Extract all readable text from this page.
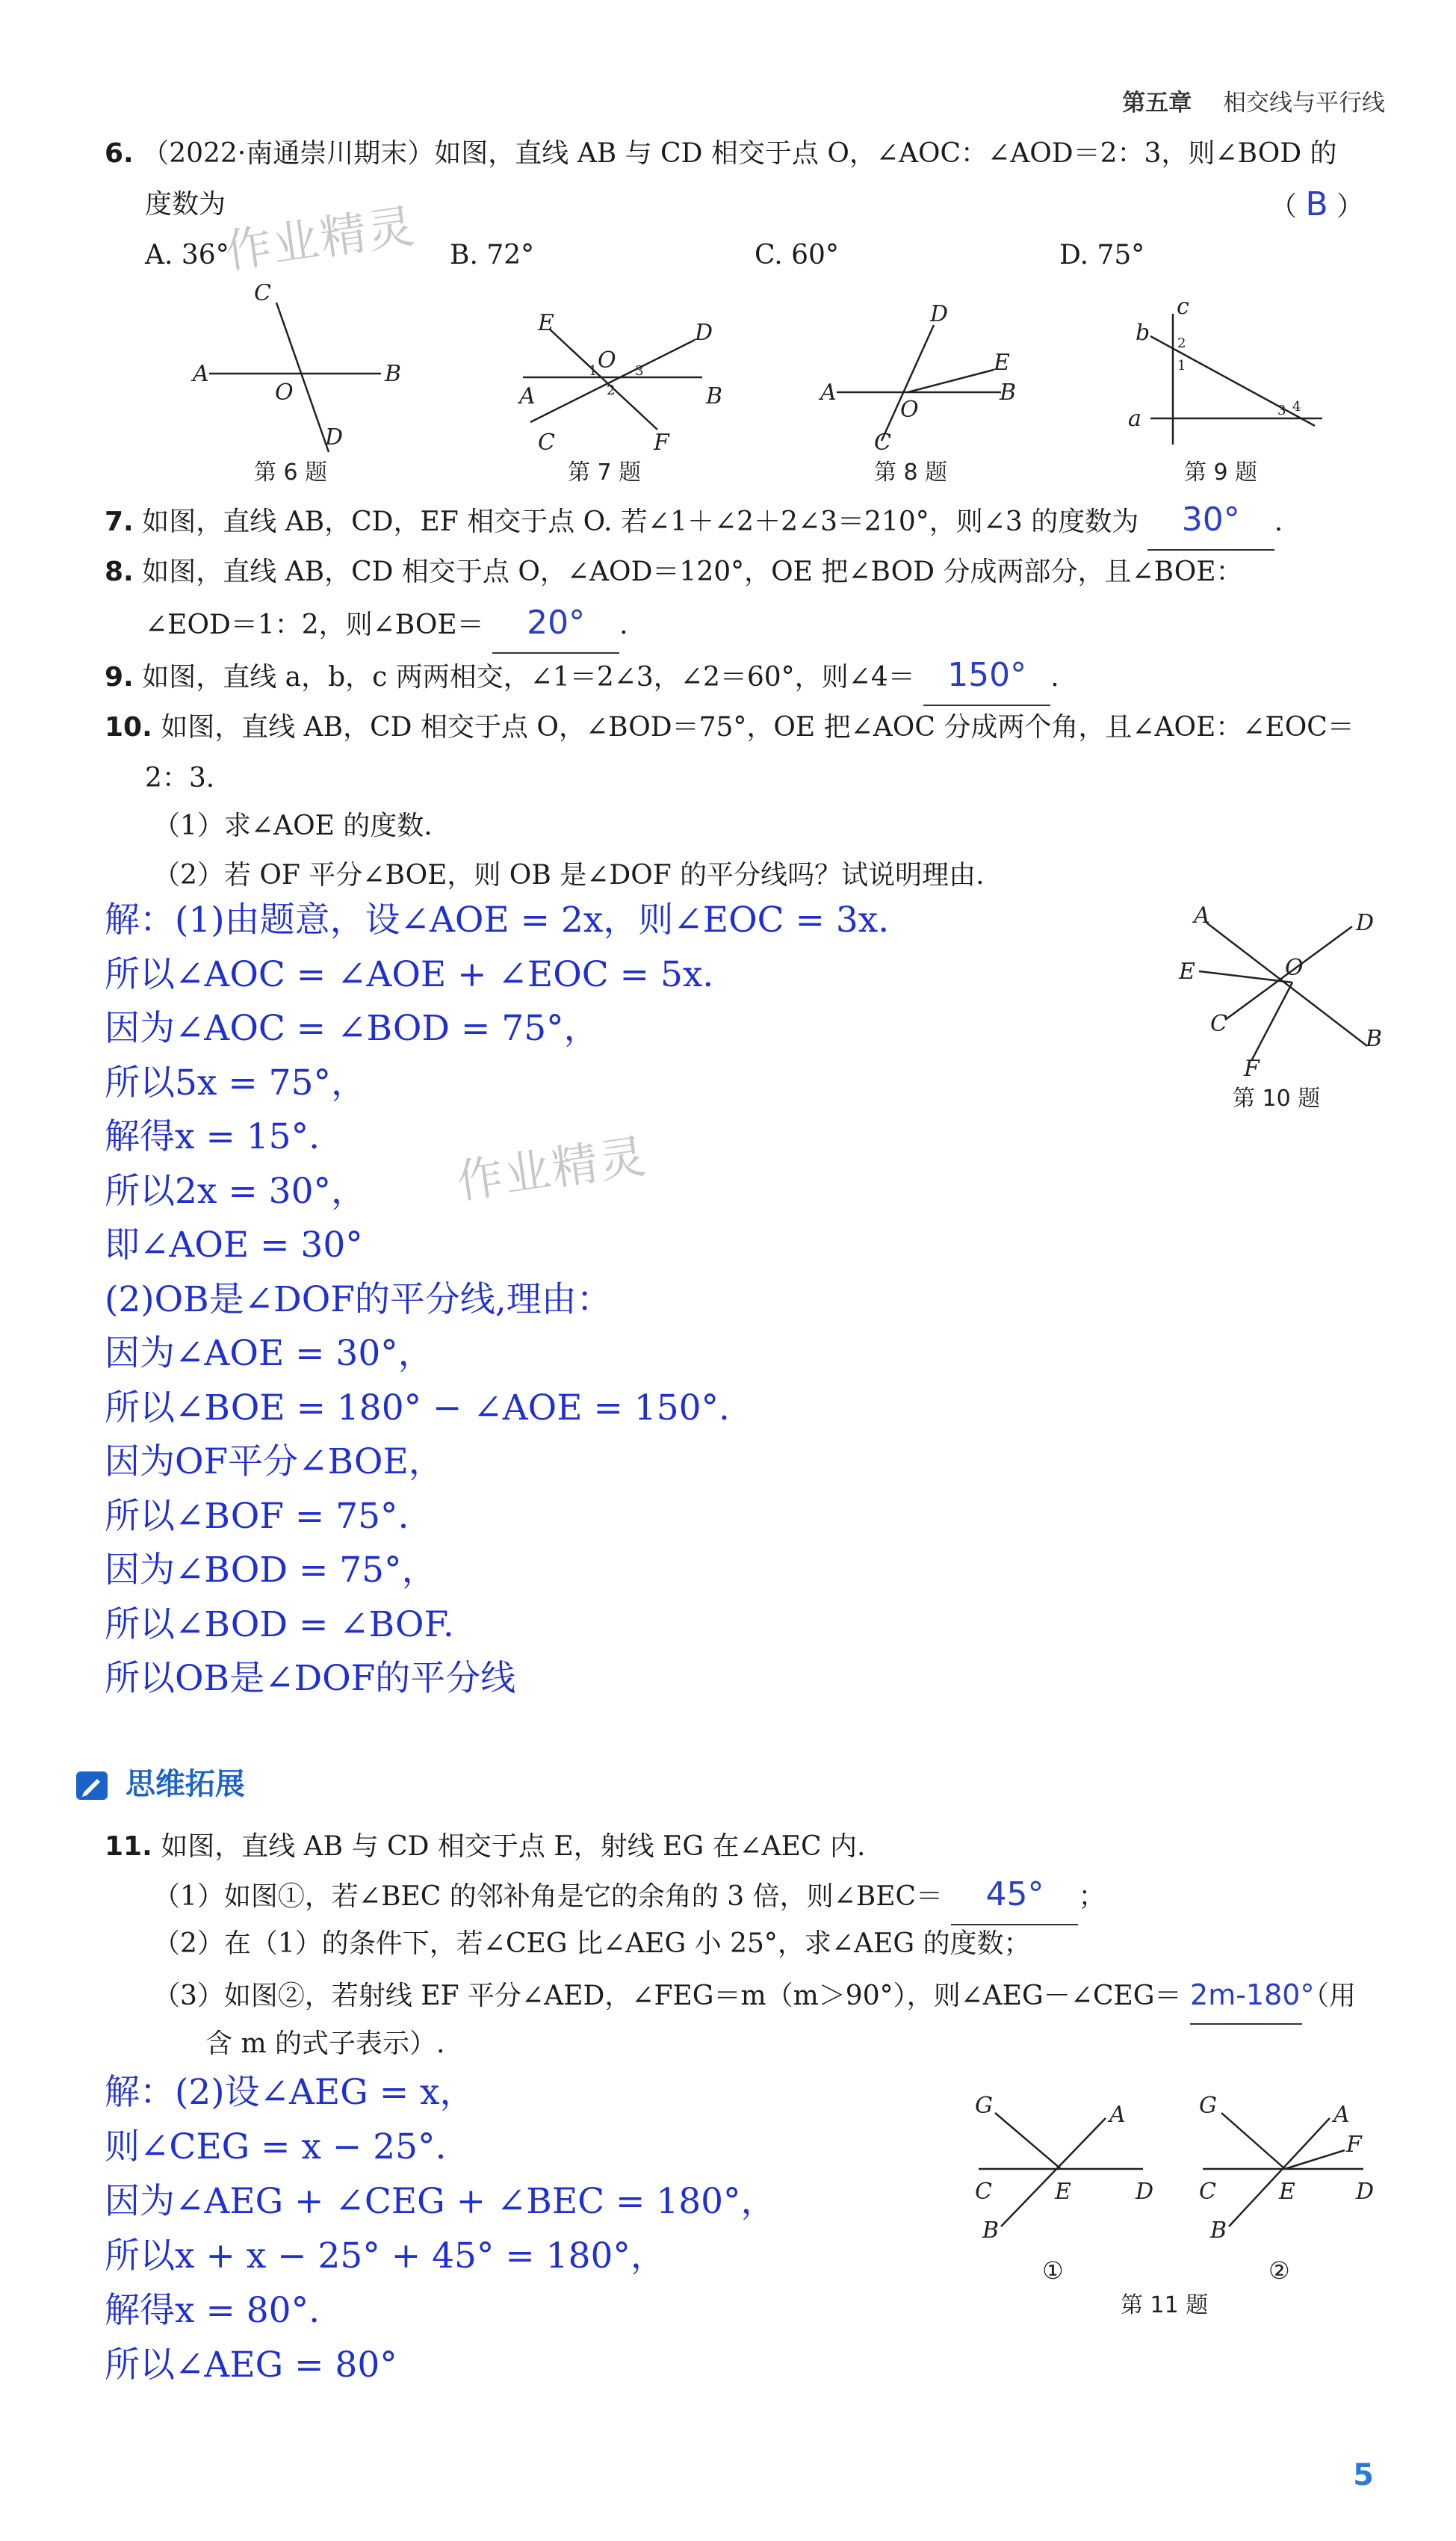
第五章 相交线与平行线
作业精灵
作业精灵
6. （2022·南通崇川期末）如图，直线 AB 与 CD 相交于点 O，∠AOC：∠AOD＝2：3，则∠BOD 的
度数为	（ B ）
A. 36°	B. 72°	C. 60°	D. 75°
C
A
O
B
D
第 6 题
E
O
D
A
1	3
2	B
C	F
第 7 题
D
E
A
O
B
C
第 8 题
c
b 2
1
a	3 4
第 9 题
7. 如图，直线 AB，CD，EF 相交于点 O. 若∠1＋∠2＋2∠3＝210°，则∠3 的度数为 30° .
8. 如图，直线 AB，CD 相交于点 O，∠AOD＝120°，OE 把∠BOD 分成两部分，且∠BOE：
∠EOD＝1：2，则∠BOE＝ 20° .
9. 如图，直线 a，b，c 两两相交，∠1＝2∠3，∠2＝60°，则∠4＝ 150° .
10. 如图，直线 AB，CD 相交于点 O，∠BOD＝75°，OE 把∠AOC 分成两个角，且∠AOE：∠EOC＝
2：3.
（1）求∠AOE 的度数.
（2）若 OF 平分∠BOE，则 OB 是∠DOF 的平分线吗？试说明理由.
解：(1)由题意，设∠AOE = 2x，则∠EOC = 3x.
所以∠AOC = ∠AOE + ∠EOC = 5x.
因为∠AOC = ∠BOD = 75°，
所以5x = 75°，
解得x = 15°.
所以2x = 30°，
即∠AOE = 30°
(2)OB是∠DOF的平分线,理由：
因为∠AOE = 30°，
所以∠BOE = 180° − ∠AOE = 150°.
因为OF平分∠BOE，
所以∠BOF = 75°.
因为∠BOD = 75°，
所以∠BOD = ∠BOF.
所以OB是∠DOF的平分线
A	D
E	O
C
B
F
第 10 题
思维拓展
11. 如图，直线 AB 与 CD 相交于点 E，射线 EG 在∠AEC 内.
（1）如图①，若∠BEC 的邻补角是它的余角的 3 倍，则∠BEC＝ 45° ；
（2）在（1）的条件下，若∠CEG 比∠AEG 小 25°，求∠AEG 的度数；
（3）如图②，若射线 EF 平分∠AED，∠FEG＝m（m＞90°），则∠AEG－∠CEG＝ 2m-180°（用
含 m 的式子表示）.
解：(2)设∠AEG = x，
则∠CEG = x − 25°.
因为∠AEG + ∠CEG + ∠BEC = 180°，
所以x + x − 25° + 45° = 180°，
解得x = 80°.
所以∠AEG = 80°
G	A
C	E	D
B
①
G	A
F
C	E	D
B
②
第 11 题
5
